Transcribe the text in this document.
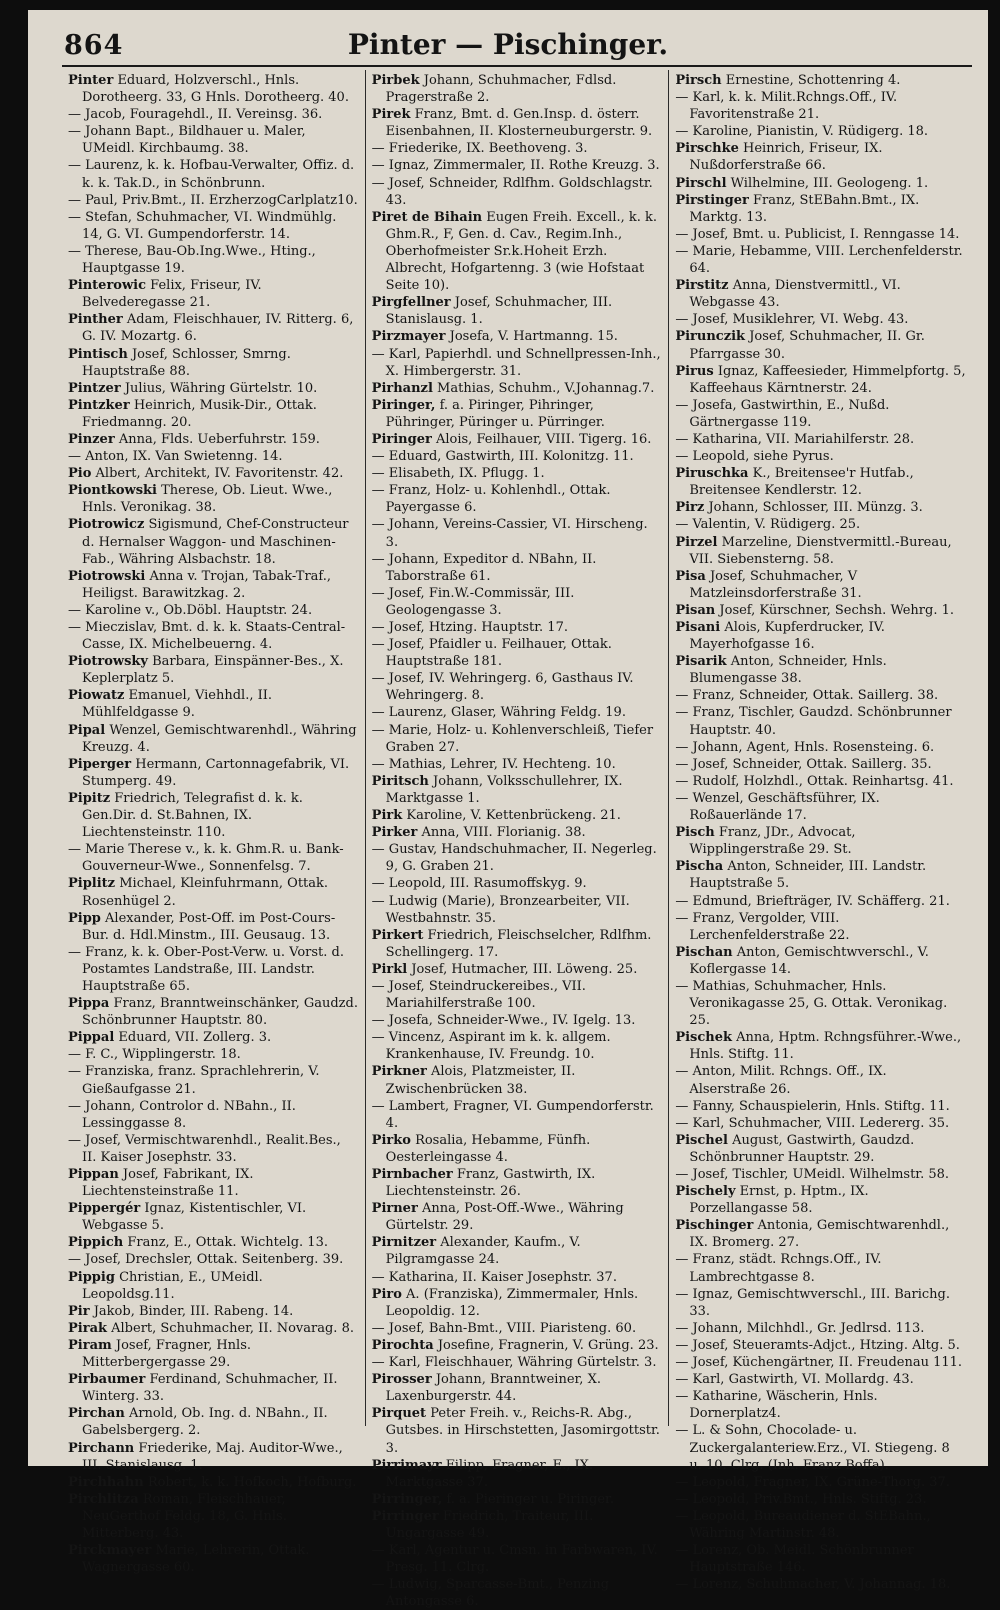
864	Pinter — Pischinger.

Pinter Eduard, Holzverschl., Hnls. Dorotheerg. 33, G Hnls. Dorotheerg. 40.

— Jacob, Fouragehdl., II. Vereinsg. 36.

— Johann Bapt., Bildhauer u. Maler, UMeidl. Kirchbaumg. 38.

— Laurenz, k. k. Hofbau-Verwalter, Offiz. d. k. k. Tak.D., in Schönbrunn.

— Paul, Priv.Bmt., II. ErzherzogCarlplatz10.

— Stefan, Schuhmacher, VI. Windmühlg. 14, G. VI. Gumpendorferstr. 14.

— Therese, Bau-Ob.Ing.Wwe., Hting., Hauptgasse 19.

Pinterowic Felix, Friseur, IV. Belvederegasse 21.

Pinther Adam, Fleischhauer, IV. Ritterg. 6, G. IV. Mozartg. 6.

Pintisch Josef, Schlosser, Smrng. Hauptstraße 88.

Pintzer Julius, Währing Gürtelstr. 10.

Pintzker Heinrich, Musik-Dir., Ottak. Friedmanng. 20.

Pinzer Anna, Flds. Ueberfuhrstr. 159.

— Anton, IX. Van Swietenng. 14.

Pio Albert, Architekt, IV. Favoritenstr. 42.

Piontkowski Therese, Ob. Lieut. Wwe., Hnls. Veronikag. 38.

Piotrowicz Sigismund, Chef-Constructeur d. Hernalser Waggon- und Maschinen-Fab., Währing Alsbachstr. 18.

Piotrowski Anna v. Trojan, Tabak-Traf., Heiligst. Barawitzkag. 2.

— Karoline v., Ob.Döbl. Hauptstr. 24.

— Mieczislav, Bmt. d. k. k. Staats-Central-Casse, IX. Michelbeuerng. 4.

Piotrowsky Barbara, Einspänner-Bes., X. Keplerplatz 5.

Piowatz Emanuel, Viehhdl., II. Mühlfeldgasse 9.

Pipal Wenzel, Gemischtwarenhdl., Währing Kreuzg. 4.

Piperger Hermann, Cartonnagefabrik, VI. Stumperg. 49.

Pipitz Friedrich, Telegrafist d. k. k. Gen.Dir. d. St.Bahnen, IX. Liechtensteinstr. 110.

— Marie Therese v., k. k. Ghm.R. u. Bank-Gouverneur-Wwe., Sonnenfelsg. 7.

Piplitz Michael, Kleinfuhrmann, Ottak. Rosenhügel 2.

Pipp Alexander, Post-Off. im Post-Cours-Bur. d. Hdl.Minstm., III. Geusaug. 13.

— Franz, k. k. Ober-Post-Verw. u. Vorst. d. Postamtes Landstraße, III. Landstr. Hauptstraße 65.

Pippa Franz, Branntweinschänker, Gaudzd. Schönbrunner Hauptstr. 80.

Pippal Eduard, VII. Zollerg. 3.

— F. C., Wipplingerstr. 18.

— Franziska, franz. Sprachlehrerin, V. Gießaufgasse 21.

— Johann, Controlor d. NBahn., II. Lessinggasse 8.

— Josef, Vermischtwarenhdl., Realit.Bes., II. Kaiser Josephstr. 33.

Pippan Josef, Fabrikant, IX. Liechtensteinstraße 11.

Pippergér Ignaz, Kistentischler, VI. Webgasse 5.

Pippich Franz, E., Ottak. Wichtelg. 13.

— Josef, Drechsler, Ottak. Seitenberg. 39.

Pippig Christian, E., UMeidl. Leopoldsg.11.

Pir Jakob, Binder, III. Rabeng. 14.

Pirak Albert, Schuhmacher, II. Novarag. 8.

Piram Josef, Fragner, Hnls. Mitterbergergasse 29.

Pirbaumer Ferdinand, Schuhmacher, II. Winterg. 33.

Pirchan Arnold, Ob. Ing. d. NBahn., II. Gabelsbergerg. 2.

Pirchann Friederike, Maj. Auditor-Wwe., III. Stanislausg. 1.

Pirchhahn Robert, k. k. Hofkoch, Hofburg.

Pirchlitza Roman, Fleischhauer, NeuGerthof Feldg. 18, G. Hnls. Mitterberg. 43.

Pirckmayer Marie, Lehrerin, Ottak. Wagnergasse 60.

Pirbek Johann, Schuhmacher, Fdlsd. Pragerstraße 2.

Pirek Franz, Bmt. d. Gen.Insp. d. österr. Eisenbahnen, II. Klosterneuburgerstr. 9.

— Friederike, IX. Beethoveng. 3.

— Ignaz, Zimmermaler, II. Rothe Kreuzg. 3.

— Josef, Schneider, Rdlfhm. Goldschlagstr. 43.

Piret de Bihain Eugen Freih. Excell., k. k. Ghm.R., F, Gen. d. Cav., Regim.Inh., Oberhofmeister Sr.k.Hoheit Erzh. Albrecht, Hofgartenng. 3 (wie Hofstaat Seite 10).

Pirgfellner Josef, Schuhmacher, III. Stanislausg. 1.

Pirzmayer Josefa, V. Hartmanng. 15.

— Karl, Papierhdl. und Schnellpressen-Inh., X. Himbergerstr. 31.

Pirhanzl Mathias, Schuhm., V.Johannag.7.

Piringer, f. a. Piringer, Pihringer, Pühringer, Püringer u. Pürringer.

Piringer Alois, Feilhauer, VIII. Tigerg. 16.

— Eduard, Gastwirth, III. Kolonitzg. 11.

— Elisabeth, IX. Pflugg. 1.

— Franz, Holz- u. Kohlenhdl., Ottak. Payergasse 6.

— Johann, Vereins-Cassier, VI. Hirscheng. 3.

— Johann, Expeditor d. NBahn, II. Taborstraße 61.

— Josef, Fin.W.-Commissär, III. Geologengasse 3.

— Josef, Htzing. Hauptstr. 17.

— Josef, Pfaidler u. Feilhauer, Ottak. Hauptstraße 181.

— Josef, IV. Wehringerg. 6, Gasthaus IV. Wehringerg. 8.

— Laurenz, Glaser, Währing Feldg. 19.

— Marie, Holz- u. Kohlenverschleiß, Tiefer Graben 27.

— Mathias, Lehrer, IV. Hechteng. 10.

Piritsch Johann, Volksschullehrer, IX. Marktgasse 1.

Pirk Karoline, V. Kettenbrückeng. 21.

Pirker Anna, VIII. Florianig. 38.

— Gustav, Handschuhmacher, II. Negerleg. 9, G. Graben 21.

— Leopold, III. Rasumoffskyg. 9.

— Ludwig (Marie), Bronzearbeiter, VII. Westbahnstr. 35.

Pirkert Friedrich, Fleischselcher, Rdlfhm. Schellingerg. 17.

Pirkl Josef, Hutmacher, III. Löweng. 25.

— Josef, Steindruckereibes., VII. Mariahilferstraße 100.

— Josefa, Schneider-Wwe., IV. Igelg. 13.

— Vincenz, Aspirant im k. k. allgem. Krankenhause, IV. Freundg. 10.

Pirkner Alois, Platzmeister, II. Zwischenbrücken 38.

— Lambert, Fragner, VI. Gumpendorferstr. 4.

Pirko Rosalia, Hebamme, Fünfh. Oesterleingasse 4.

Pirnbacher Franz, Gastwirth, IX. Liechtensteinstr. 26.

Pirner Anna, Post-Off.-Wwe., Währing Gürtelstr. 29.

Pirnitzer Alexander, Kaufm., V. Pilgramgasse 24.

— Katharina, II. Kaiser Josephstr. 37.

Piro A. (Franziska), Zimmermaler, Hnls. Leopoldig. 12.

— Josef, Bahn-Bmt., VIII. Piaristeng. 60.

Pirochta Josefine, Fragnerin, V. Grüng. 23.

— Karl, Fleischhauer, Währing Gürtelstr. 3.

Pirosser Johann, Branntweiner, X. Laxenburgerstr. 44.

Pirquet Peter Freih. v., Reichs-R. Abg., Gutsbes. in Hirschstetten, Jasomirgottstr. 3.

Pirrimayr Filipp, Fragner, E., IX. Marktgasse 37.

Pirringer, f. a. Pieringer u. Piringer.

Pirringer Friedrich, Traiteur, III. Ungargasse 49.

— Karl, Agentur u. Cmsn. in Farbwaren, IV. Presg. 11. Clrg.

— Ludwig, Sparcasse-Bmt., Penzing Antongasse 6.

Pirsch Ernestine, Schottenring 4.

— Karl, k. k. Milit.Rchngs.Off., IV. Favoritenstraße 21.

— Karoline, Pianistin, V. Rüdigerg. 18.

Pirschke Heinrich, Friseur, IX. Nußdorferstraße 66.

Pirschl Wilhelmine, III. Geologeng. 1.

Pirstinger Franz, StEBahn.Bmt., IX. Marktg. 13.

— Josef, Bmt. u. Publicist, I. Renngasse 14.

— Marie, Hebamme, VIII. Lerchenfelderstr. 64.

Pirstitz Anna, Dienstvermittl., VI. Webgasse 43.

— Josef, Musiklehrer, VI. Webg. 43.

Pirunczik Josef, Schuhmacher, II. Gr. Pfarrgasse 30.

Pirus Ignaz, Kaffeesieder, Himmelpfortg. 5, Kaffeehaus Kärntnerstr. 24.

— Josefa, Gastwirthin, E., Nußd. Gärtnergasse 119.

— Katharina, VII. Mariahilferstr. 28.

— Leopold, siehe Pyrus.

Piruschka K., Breitensee'r Hutfab., Breitensee Kendlerstr. 12.

Pirz Johann, Schlosser, III. Münzg. 3.

— Valentin, V. Rüdigerg. 25.

Pirzel Marzeline, Dienstvermittl.-Bureau, VII. Siebensterng. 58.

Pisa Josef, Schuhmacher, V Matzleinsdorferstraße 31.

Pisan Josef, Kürschner, Sechsh. Wehrg. 1.

Pisani Alois, Kupferdrucker, IV. Mayerhofgasse 16.

Pisarik Anton, Schneider, Hnls. Blumengasse 38.

— Franz, Schneider, Ottak. Saillerg. 38.

— Franz, Tischler, Gaudzd. Schönbrunner Hauptstr. 40.

— Johann, Agent, Hnls. Rosensteing. 6.

— Josef, Schneider, Ottak. Saillerg. 35.

— Rudolf, Holzhdl., Ottak. Reinhartsg. 41.

— Wenzel, Geschäftsführer, IX. Roßauerlände 17.

Pisch Franz, JDr., Advocat, Wipplingerstraße 29. St.

Pischa Anton, Schneider, III. Landstr. Hauptstraße 5.

— Edmund, Briefträger, IV. Schäfferg. 21.

— Franz, Vergolder, VIII. Lerchenfelderstraße 22.

Pischan Anton, Gemischtwverschl., V. Koflergasse 14.

— Mathias, Schuhmacher, Hnls. Veronikagasse 25, G. Ottak. Veronikag. 25.

Pischek Anna, Hptm. Rchngsführer.-Wwe., Hnls. Stiftg. 11.

— Anton, Milit. Rchngs. Off., IX. Alserstraße 26.

— Fanny, Schauspielerin, Hnls. Stiftg. 11.

— Karl, Schuhmacher, VIII. Ledererg. 35.

Pischel August, Gastwirth, Gaudzd. Schönbrunner Hauptstr. 29.

— Josef, Tischler, UMeidl. Wilhelmstr. 58.

Pischely Ernst, p. Hptm., IX. Porzellangasse 58.

Pischinger Antonia, Gemischtwarenhdl., IX. Bromerg. 27.

— Franz, städt. Rchngs.Off., IV. Lambrechtgasse 8.

— Ignaz, Gemischtwverschl., III. Barichg. 33.

— Johann, Milchhdl., Gr. Jedlrsd. 113.

— Josef, Steueramts-Adjct., Htzing. Altg. 5.

— Josef, Küchengärtner, II. Freudenau 111.

— Karl, Gastwirth, VI. Mollardg. 43.

— Katharine, Wäscherin, Hnls. Dornerplatz4.

— L. & Sohn, Chocolade- u. Zuckergalanteriew.Erz., VI. Stiegeng. 8 u. 10. Clrg. (Inh. Franz Boffa).

— Leopold, Fragner, IX. Grüne-Thorg. 37.

— Leopold, Priv.Bmt., Hnls. Stiftg. 23.

— Leopold, Bureaudiener d. StEBahn., Währing Martinstr. 48.

— Lorenz, Ob. Meidl. Schönbrunner Hauptstraße 146.

— Lorenz, Schuhmacher, V. Johannag. 18.
